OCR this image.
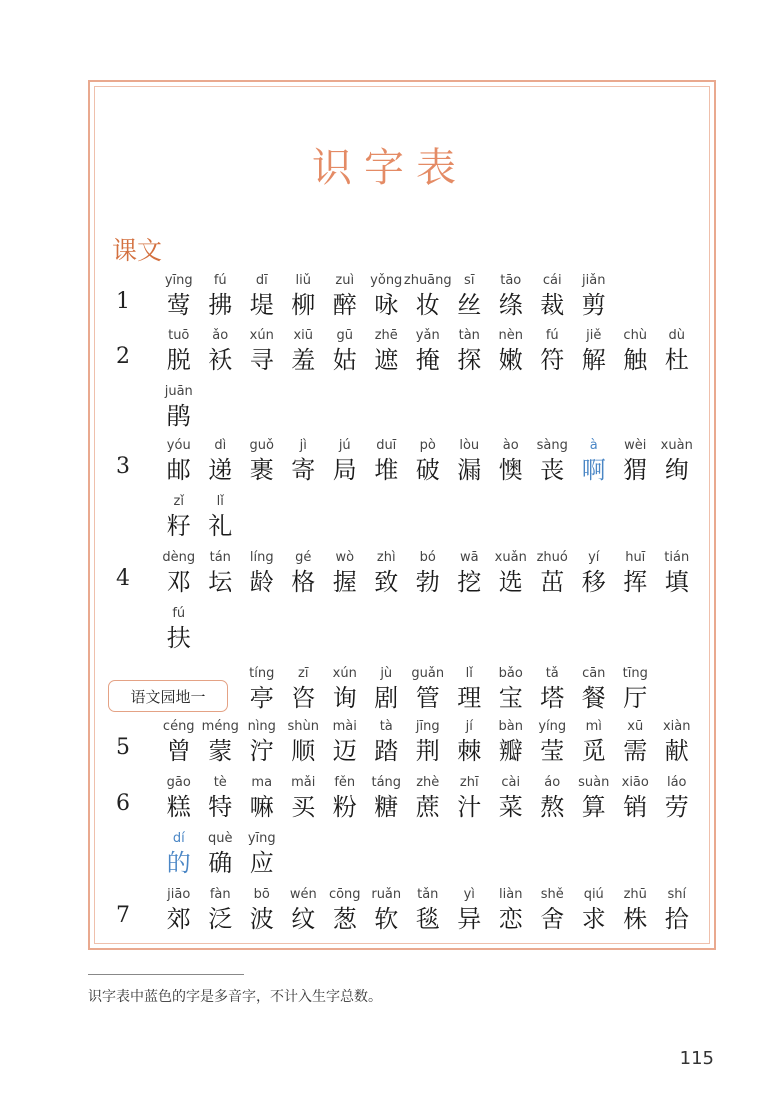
识字表
课文
1
yīng
莺
fú
拂
dī
堤
liǔ
柳
zuì
醉
yǒng
咏
zhuāng
妆
sī
丝
tāo
绦
cái
裁
jiǎn
剪
2
tuō
脱
ǎo
袄
xún
寻
xiū
羞
gū
姑
zhē
遮
yǎn
掩
tàn
探
nèn
嫩
fú
符
jiě
解
chù
触
dù
杜
juān
鹃
3
yóu
邮
dì
递
guǒ
裹
jì
寄
jú
局
duī
堆
pò
破
lòu
漏
ào
懊
sàng
丧
à
啊
wèi
猬
xuàn
绚
zǐ
籽
lǐ
礼
4
dèng
邓
tán
坛
líng
龄
gé
格
wò
握
zhì
致
bó
勃
wā
挖
xuǎn
选
zhuó
茁
yí
移
huī
挥
tián
填
fú
扶
语文园地一
tíng
亭
zī
咨
xún
询
jù
剧
guǎn
管
lǐ
理
bǎo
宝
tǎ
塔
cān
餐
tīng
厅
5
céng
曾
méng
蒙
nìng
泞
shùn
顺
mài
迈
tà
踏
jīng
荆
jí
棘
bàn
瓣
yíng
莹
mì
觅
xū
需
xiàn
献
6
gāo
糕
tè
特
ma
嘛
mǎi
买
fěn
粉
táng
糖
zhè
蔗
zhī
汁
cài
菜
áo
熬
suàn
算
xiāo
销
láo
劳
dí
的
què
确
yīng
应
7
jiāo
郊
fàn
泛
bō
波
wén
纹
cōng
葱
ruǎn
软
tǎn
毯
yì
异
liàn
恋
shě
舍
qiú
求
zhū
株
shí
拾
识字表中蓝色的字是多音字，不计入生字总数。
115
